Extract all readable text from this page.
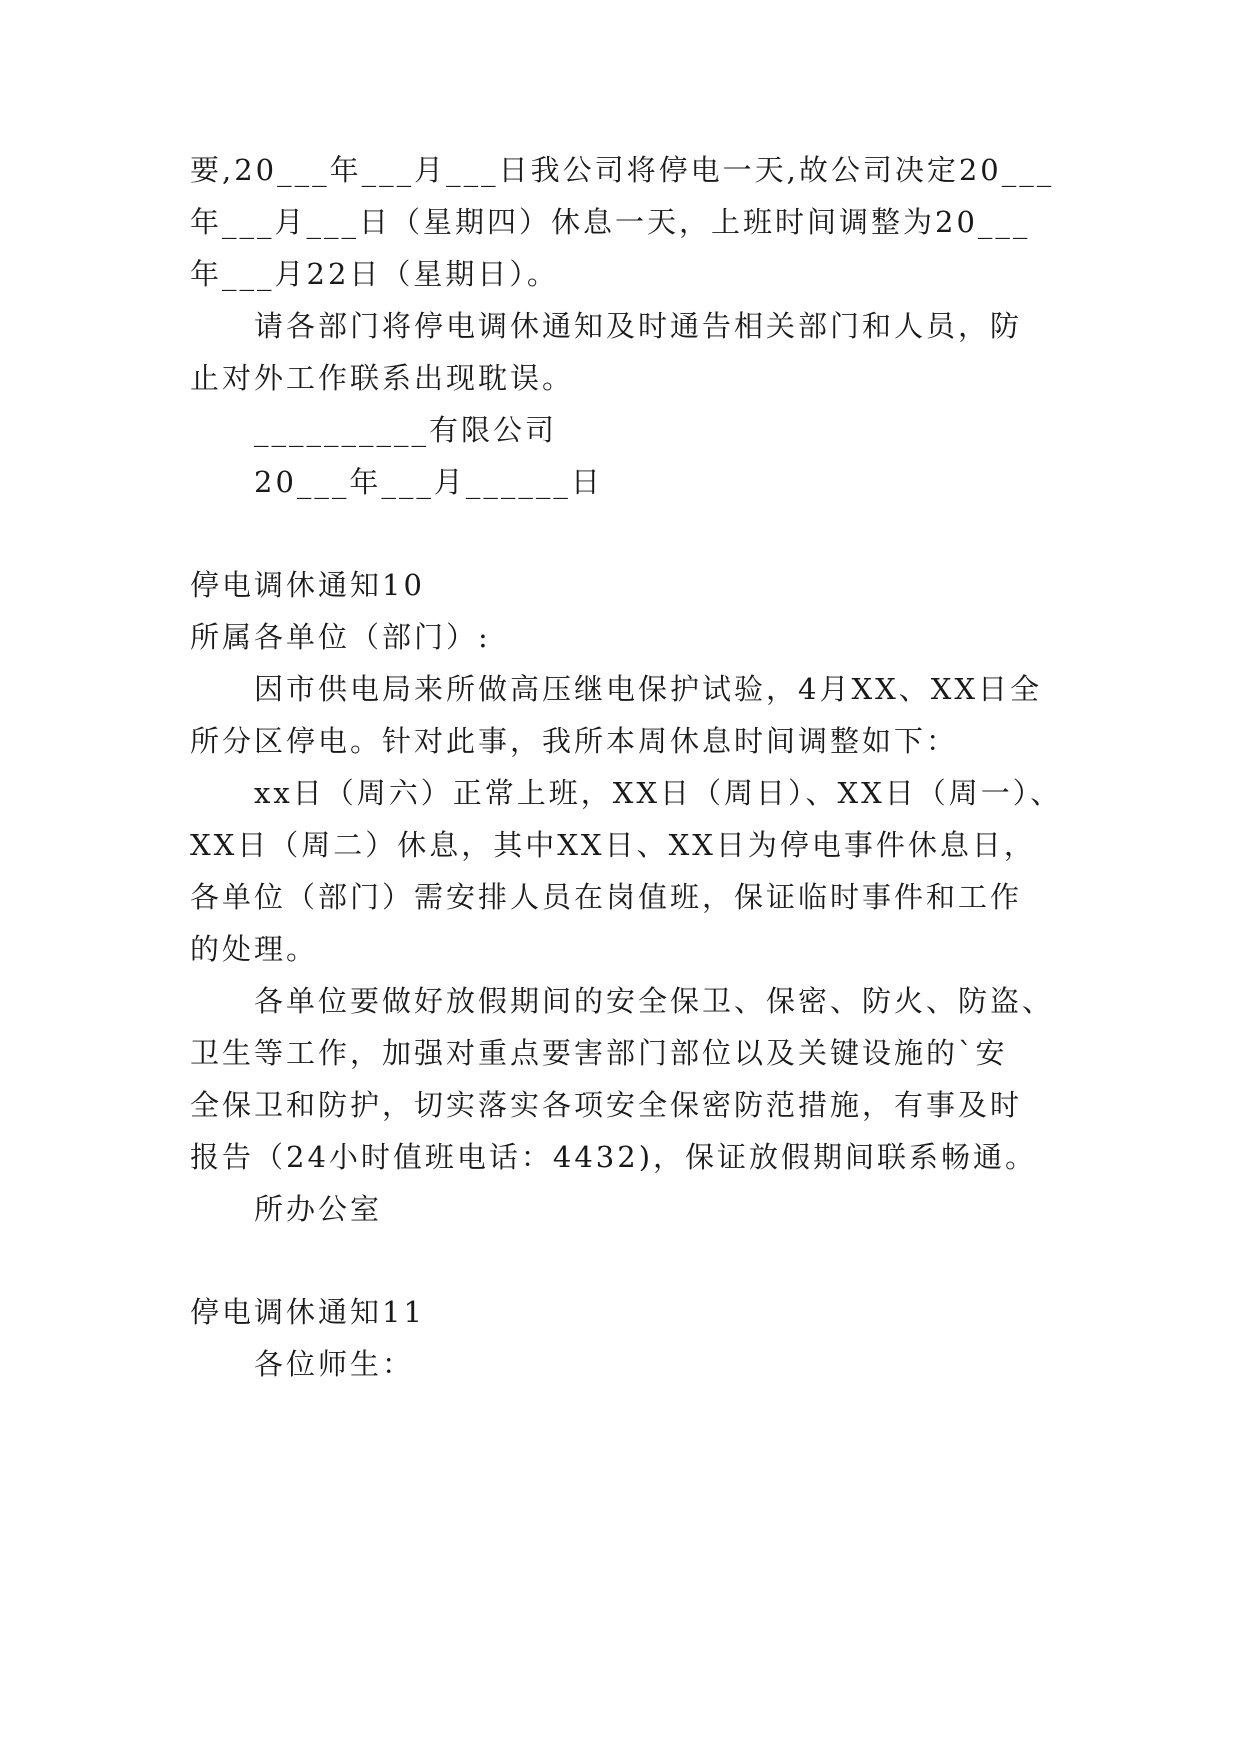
要,20___年___月___日我公司将停电一天,故公司决定20___
年___月___日（星期四）休息一天，上班时间调整为20___
年___月22日（星期日）。
请各部门将停电调休通知及时通告相关部门和人员，防
止对外工作联系出现耽误。
__________有限公司
20___年___月______日
停电调休通知10
所属各单位（部门）:
因市供电局来所做高压继电保护试验，4月XX、XX日全
所分区停电。针对此事，我所本周休息时间调整如下：
xx日（周六）正常上班，XX日（周日）、XX日（周一）、
XX日（周二）休息，其中XX日、XX日为停电事件休息日，
各单位（部门）需安排人员在岗值班，保证临时事件和工作
的处理。
各单位要做好放假期间的安全保卫、保密、防火、防盗、
卫生等工作，加强对重点要害部门部位以及关键设施的`安
全保卫和防护，切实落实各项安全保密防范措施，有事及时
报告（24小时值班电话：4432)，保证放假期间联系畅通。
所办公室
停电调休通知11
各位师生：
